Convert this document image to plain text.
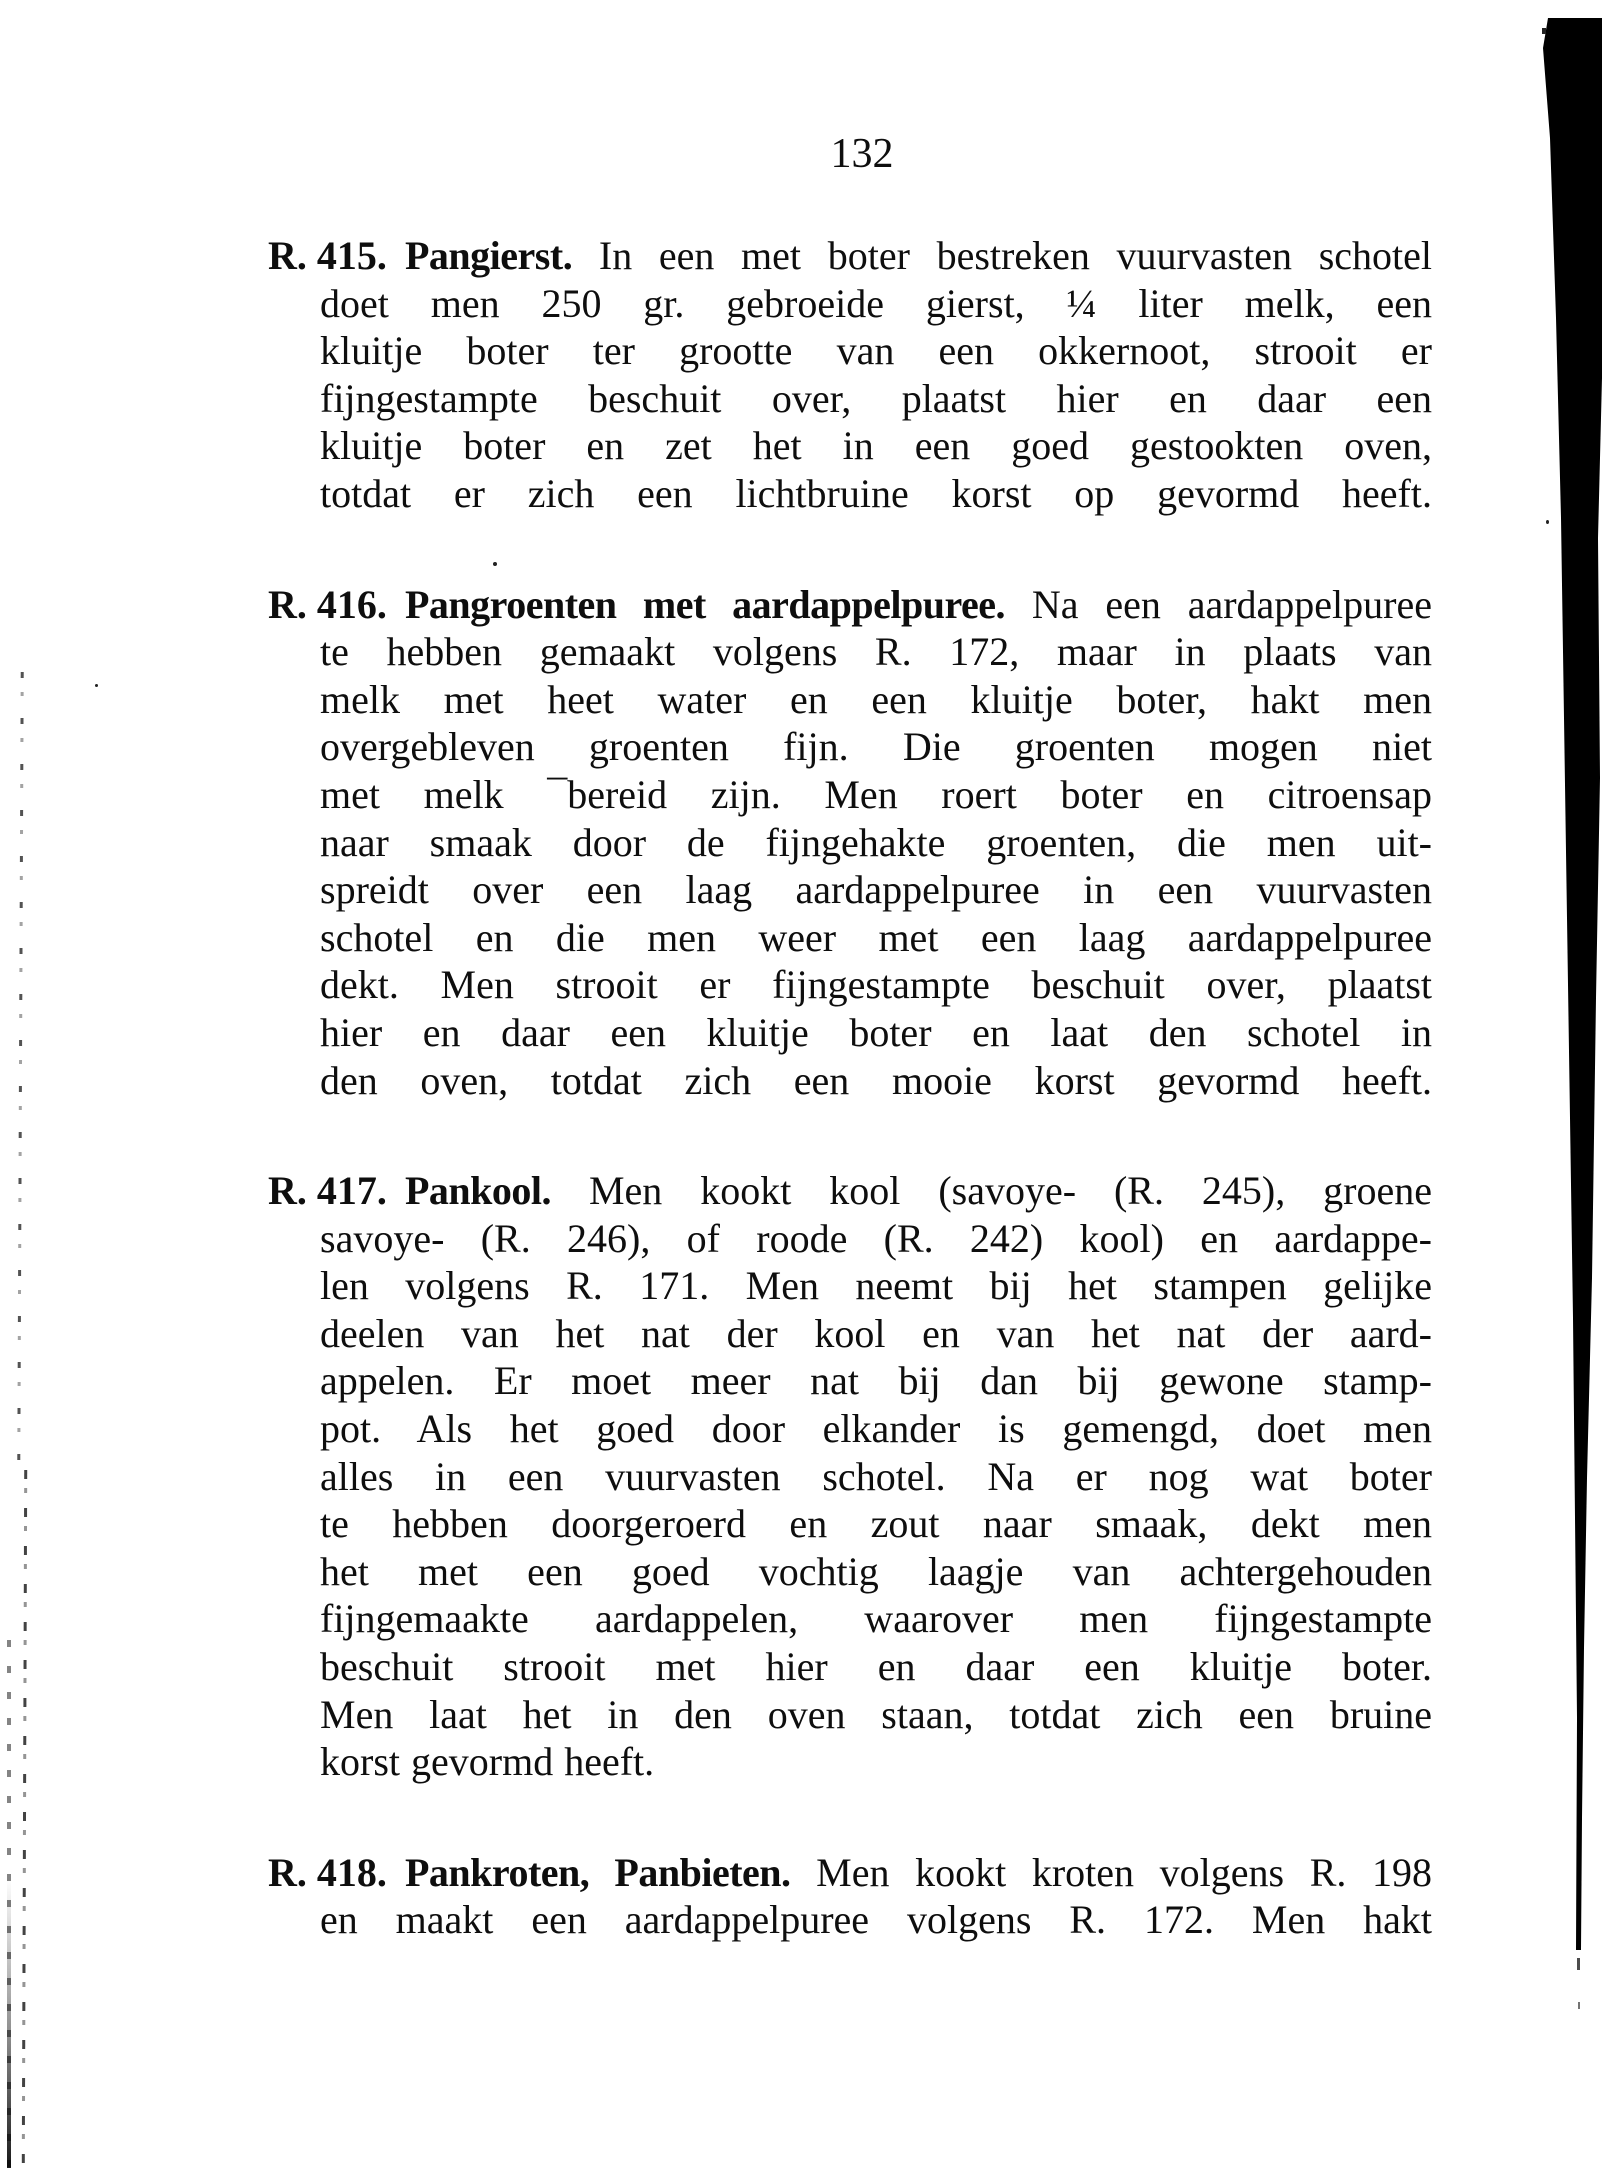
132
R. 415. Pangierst. In een met boter bestreken vuurvasten schotel
doet men 250 gr. gebroeide gierst, ¼ liter melk, een
kluitje boter ter grootte van een okkernoot, strooit er
fijngestampte beschuit over, plaatst hier en daar een
kluitje boter en zet het in een goed gestookten oven,
totdat er zich een lichtbruine korst op gevormd heeft.
R. 416. Pangroenten met aardappelpuree. Na een aardappelpuree
te hebben gemaakt volgens R. 172, maar in plaats van
melk met heet water en een kluitje boter, hakt men
overgebleven groenten fijn. Die groenten mogen niet
met melk ¯bereid zijn. Men roert boter en citroensap
naar smaak door de fijngehakte groenten, die men uit-
spreidt over een laag aardappelpuree in een vuurvasten
schotel en die men weer met een laag aardappelpuree
dekt. Men strooit er fijngestampte beschuit over, plaatst
hier en daar een kluitje boter en laat den schotel in
den oven, totdat zich een mooie korst gevormd heeft.
R. 417. Pankool. Men kookt kool (savoye- (R. 245), groene
savoye- (R. 246), of roode (R. 242) kool) en aardappe-
len volgens R. 171. Men neemt bij het stampen gelijke
deelen van het nat der kool en van het nat der aard-
appelen. Er moet meer nat bij dan bij gewone stamp-
pot. Als het goed door elkander is gemengd, doet men
alles in een vuurvasten schotel. Na er nog wat boter
te hebben doorgeroerd en zout naar smaak, dekt men
het met een goed vochtig laagje van achtergehouden
fijngemaakte aardappelen, waarover men fijngestampte
beschuit strooit met hier en daar een kluitje boter.
Men laat het in den oven staan, totdat zich een bruine
korst gevormd heeft.
R. 418. Pankroten, Panbieten. Men kookt kroten volgens R. 198
en maakt een aardappelpuree volgens R. 172. Men hakt
